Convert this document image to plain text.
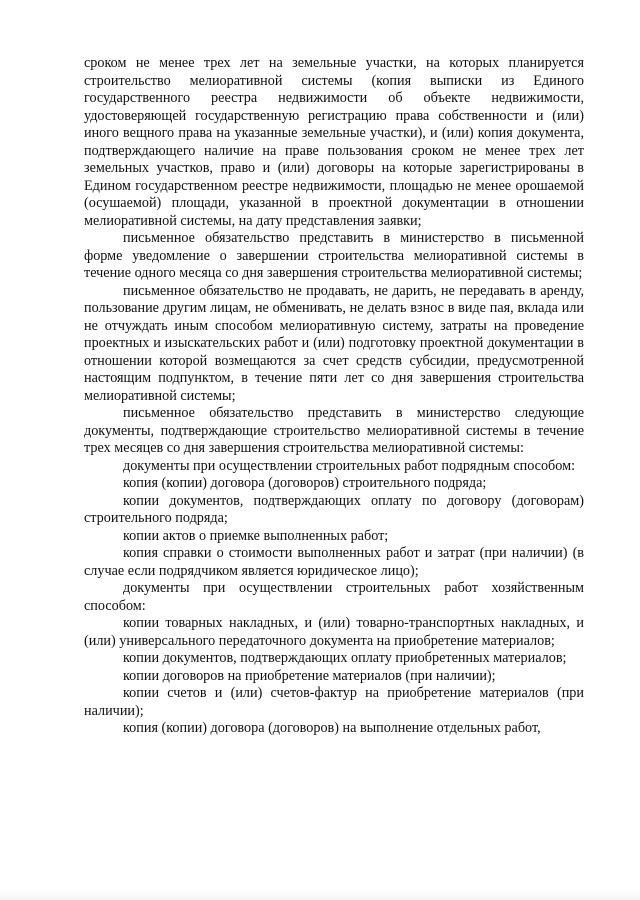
сроком не менее трех лет на земельные участки, на которых планируется строительство мелиоративной системы (копия выписки из Единого государственного реестра недвижимости об объекте недвижимости, удостоверяющей государственную регистрацию права собственности и (или) иного вещного права на указанные земельные участки), и (или) копия документа, подтверждающего наличие на праве пользования сроком не менее трех лет земельных участков, право и (или) договоры на которые зарегистрированы в Едином государственном реестре недвижимости, площадью не менее орошаемой (осушаемой) площади, указанной в проектной документации в отношении мелиоративной системы, на дату представления заявки;

письменное обязательство представить в министерство в письменной форме уведомление о завершении строительства мелиоративной системы в течение одного месяца со дня завершения строительства мелиоративной системы;

письменное обязательство не продавать, не дарить, не передавать в аренду, пользование другим лицам, не обменивать, не делать взнос в виде пая, вклада или не отчуждать иным способом мелиоративную систему, затраты на проведение проектных и изыскательских работ и (или) подготовку проектной документации в отношении которой возмещаются за счет средств субсидии, предусмотренной настоящим подпунктом, в течение пяти лет со дня завершения строительства мелиоративной системы;

письменное обязательство представить в министерство следующие документы, подтверждающие строительство мелиоративной системы в течение трех месяцев со дня завершения строительства мелиоративной системы:

документы при осуществлении строительных работ подрядным способом:

копия (копии) договора (договоров) строительного подряда;

копии документов, подтверждающих оплату по договору (договорам) строительного подряда;

копии актов о приемке выполненных работ;

копия справки о стоимости выполненных работ и затрат (при наличии) (в случае если подрядчиком является юридическое лицо);

документы при осуществлении строительных работ хозяйственным способом:

копии товарных накладных, и (или) товарно-транспортных накладных, и (или) универсального передаточного документа на приобретение материалов;

копии документов, подтверждающих оплату приобретенных материалов;

копии договоров на приобретение материалов (при наличии);

копии счетов и (или) счетов-фактур на приобретение материалов (при наличии);

копия (копии) договора (договоров) на выполнение отдельных работ,
